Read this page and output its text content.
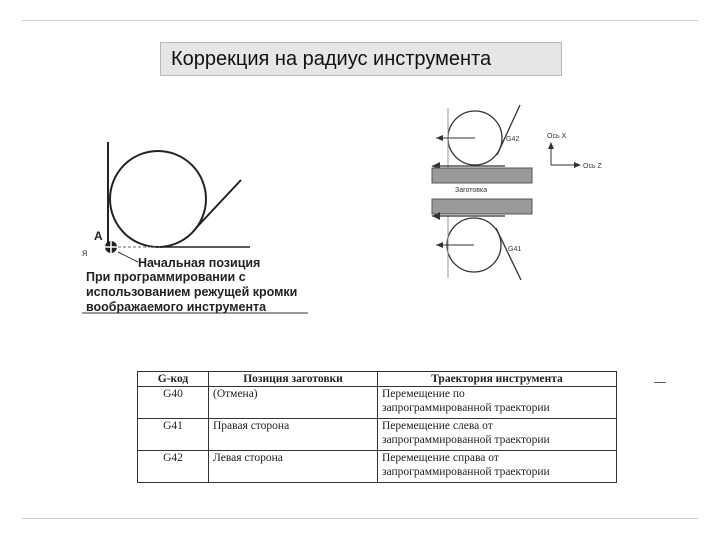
Коррекция на радиус инструмента
A
я
Начальная позиция
При программировании с
использованием режущей кромки
воображаемого инструмента
G42
Заготовка
G41
Ось X
Ось Z
G-код	Позиция заготовки	Траектория инструмента
G40	(Отмена)	Перемещение по
запрограммированной траектории

G41	Правая сторона	Перемещение слева от
запрограммированной траектории

G42	Левая сторона	Перемещение справа от
запрограммированной траектории
